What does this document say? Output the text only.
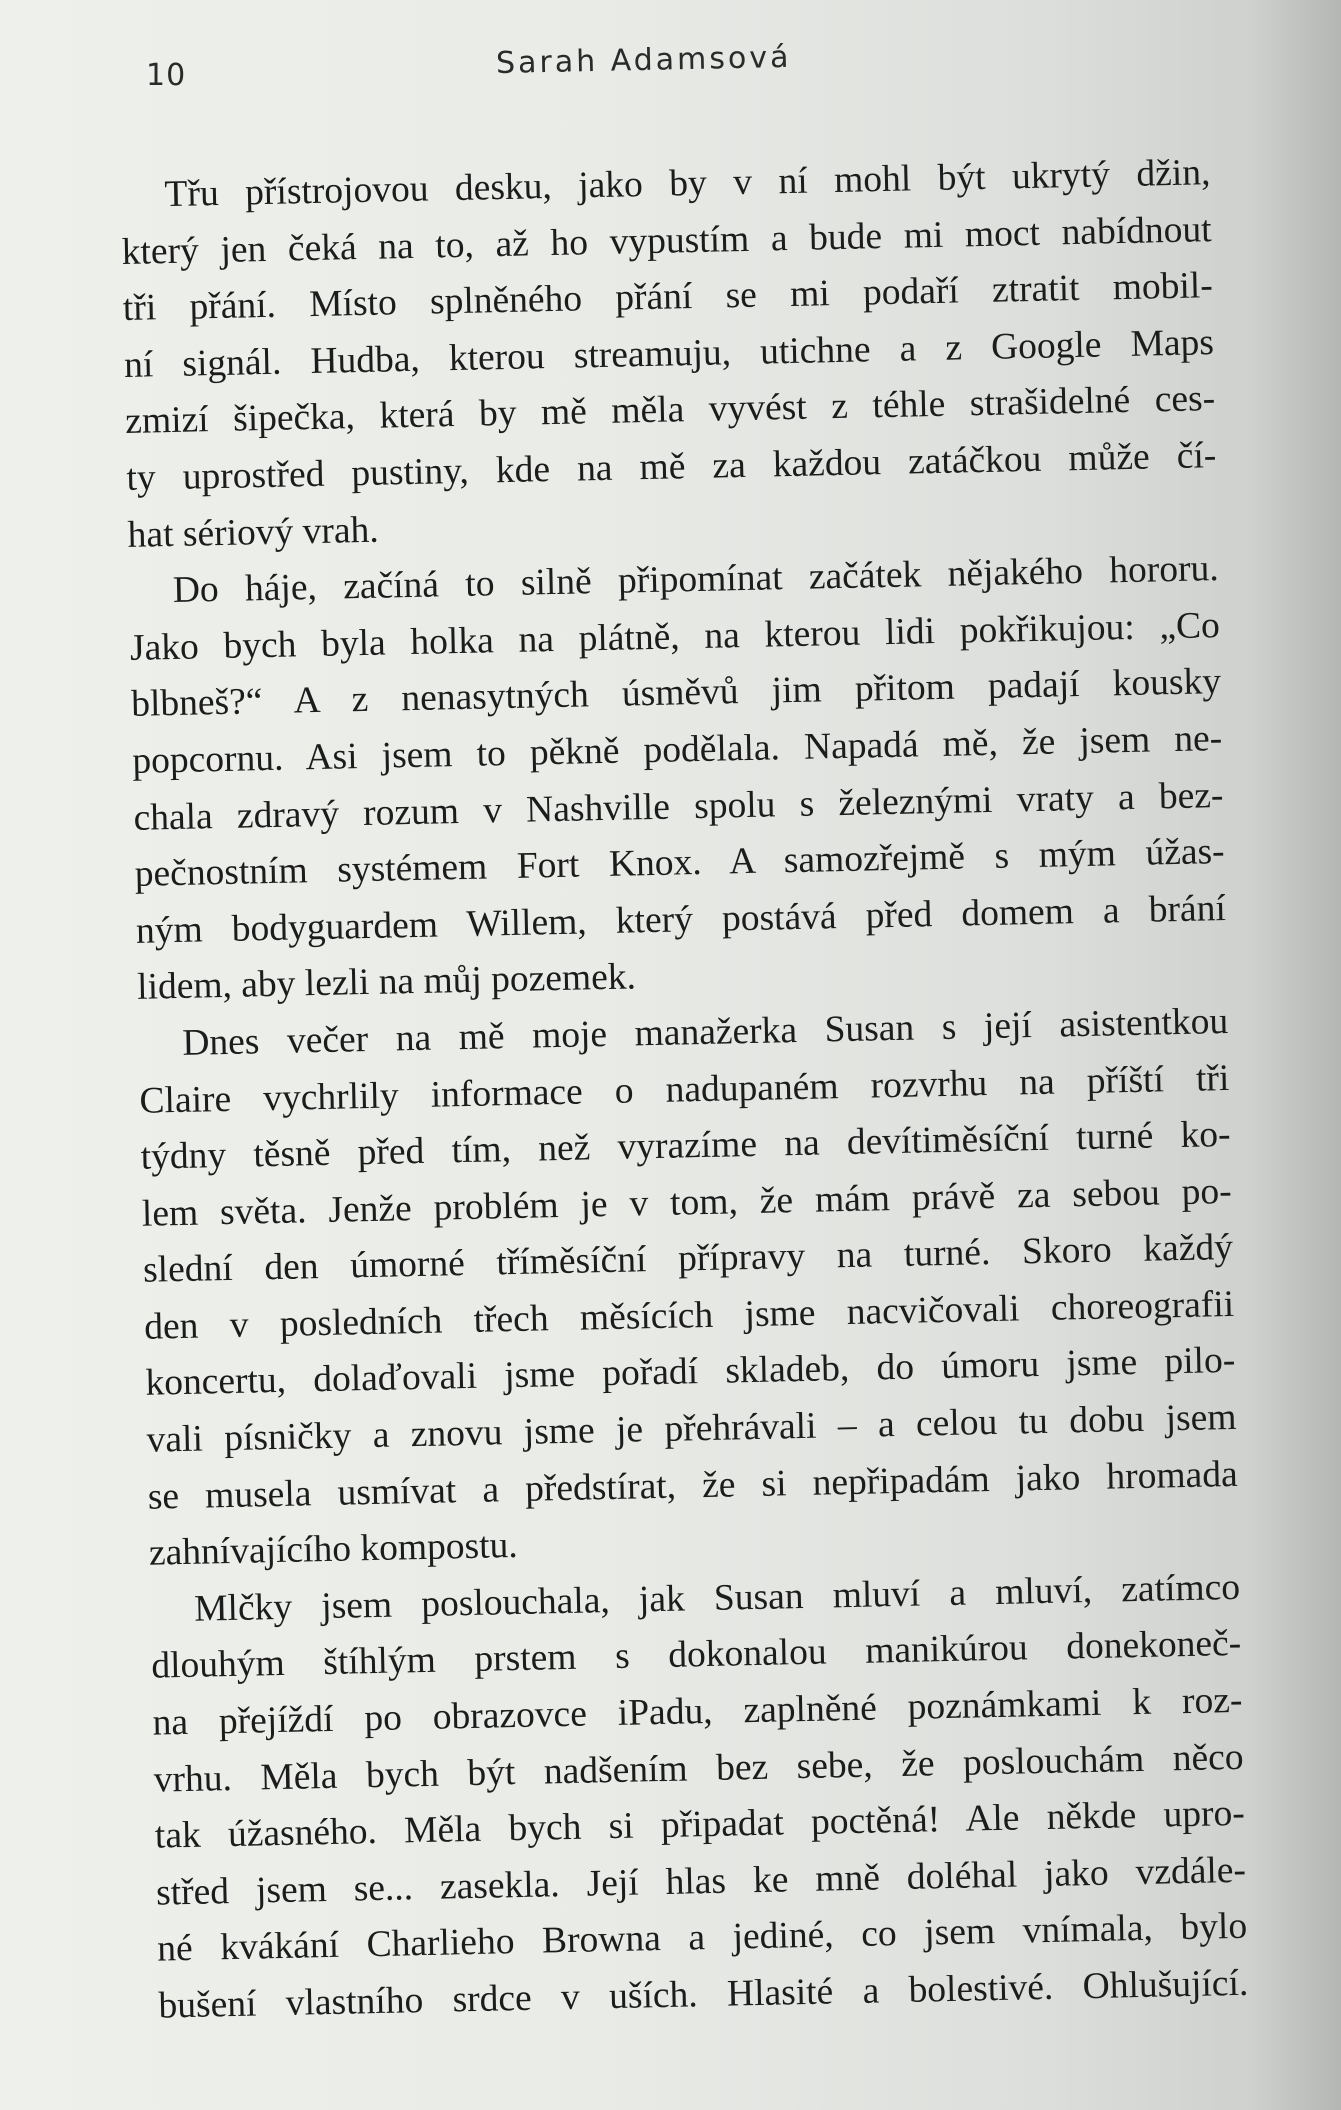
10	Sarah Adamsová
Třu přístrojovou desku, jako by v ní mohl být ukrytý džin,
který jen čeká na to, až ho vypustím a bude mi moct nabídnout
tři přání. Místo splněného přání se mi podaří ztratit mobil-
ní signál. Hudba, kterou streamuju, utichne a z Google Maps
zmizí šipečka, která by mě měla vyvést z téhle strašidelné ces-
ty uprostřed pustiny, kde na mě za každou zatáčkou může čí-
hat sériový vrah.
Do háje, začíná to silně připomínat začátek nějakého hororu.
Jako bych byla holka na plátně, na kterou lidi pokřikujou: „Co
blbneš?“ A z nenasytných úsměvů jim přitom padají kousky
popcornu. Asi jsem to pěkně podělala. Napadá mě, že jsem ne-
chala zdravý rozum v Nashville spolu s železnými vraty a bez-
pečnostním systémem Fort Knox. A samozřejmě s mým úžas-
ným bodyguardem Willem, který postává před domem a brání
lidem, aby lezli na můj pozemek.
Dnes večer na mě moje manažerka Susan s její asistentkou
Claire vychrlily informace o nadupaném rozvrhu na příští tři
týdny těsně před tím, než vyrazíme na devítiměsíční turné ko-
lem světa. Jenže problém je v tom, že mám právě za sebou po-
slední den úmorné tříměsíční přípravy na turné. Skoro každý
den v posledních třech měsících jsme nacvičovali choreografii
koncertu, dolaďovali jsme pořadí skladeb, do úmoru jsme pilo-
vali písničky a znovu jsme je přehrávali – a celou tu dobu jsem
se musela usmívat a předstírat, že si nepřipadám jako hromada
zahnívajícího kompostu.
Mlčky jsem poslouchala, jak Susan mluví a mluví, zatímco
dlouhým štíhlým prstem s dokonalou manikúrou donekoneč-
na přejíždí po obrazovce iPadu, zaplněné poznámkami k roz-
vrhu. Měla bych být nadšením bez sebe, že poslouchám něco
tak úžasného. Měla bych si připadat poctěná! Ale někde upro-
střed jsem se... zasekla. Její hlas ke mně doléhal jako vzdále-
né kvákání Charlieho Browna a jediné, co jsem vnímala, bylo
bušení vlastního srdce v uších. Hlasité a bolestivé. Ohlušující.
